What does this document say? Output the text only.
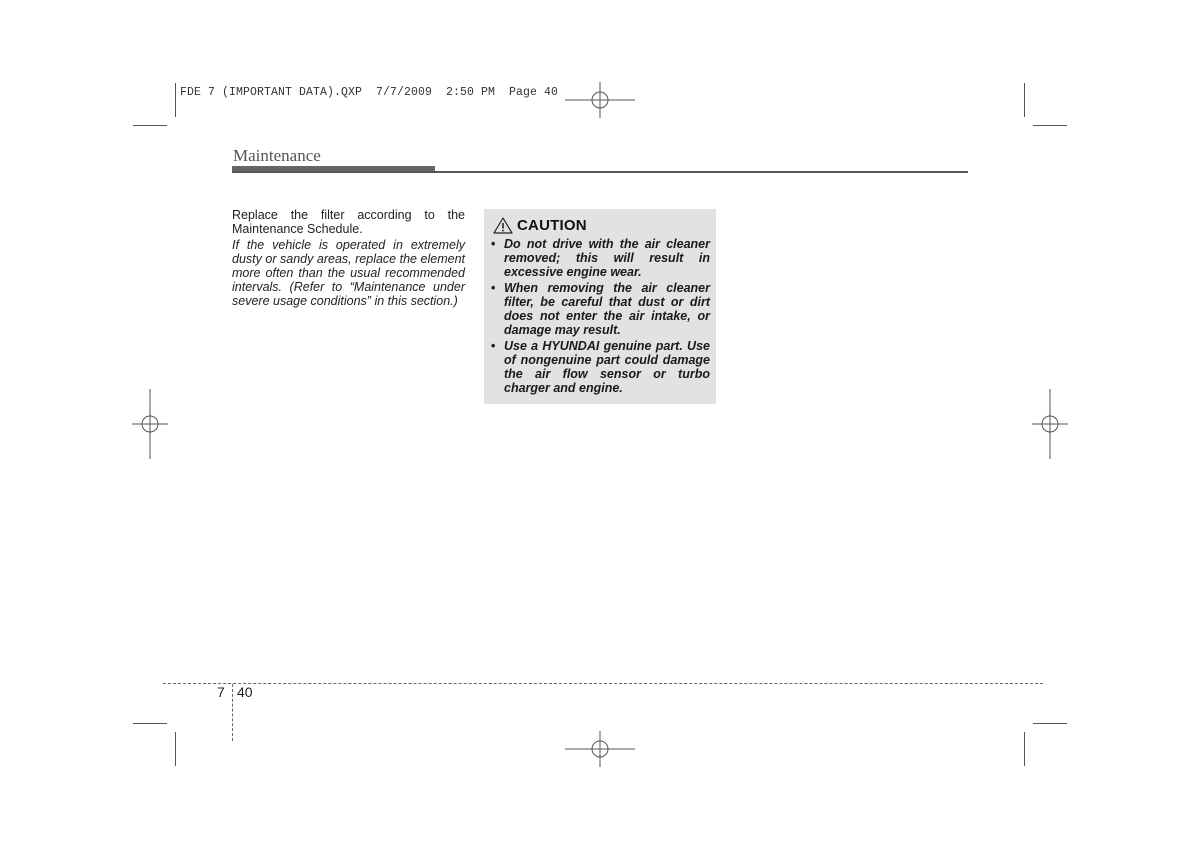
FDE 7 (IMPORTANT DATA).QXP  7/7/2009  2:50 PM  Page 40
Maintenance

Replace the filter according to the Maintenance Schedule.

If the vehicle is operated in extremely dusty or sandy areas, replace the element more often than the usual recommended intervals. (Refer to “Maintenance under severe usage conditions” in this section.)

CAUTION
• Do not drive with the air cleaner removed; this will result in excessive engine wear.
• When removing the air cleaner filter, be careful that dust or dirt does not enter the air intake, or damage may result.
• Use a HYUNDAI genuine part. Use of nongenuine part could damage the air flow sensor or turbo charger and engine.
7 40
